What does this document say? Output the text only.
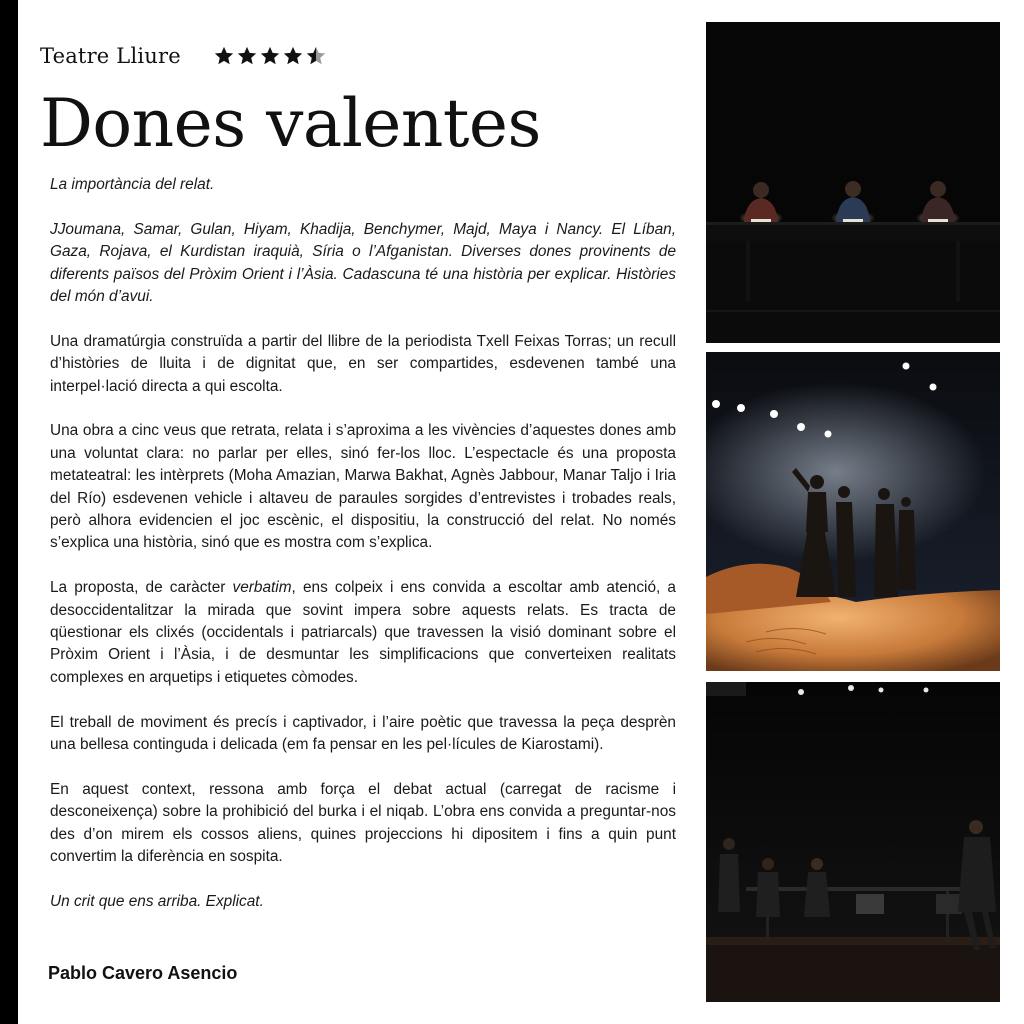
Teatre Lliure
Dones valentes

La importància del relat.

JJoumana, Samar, Gulan, Hiyam, Khadija, Benchymer, Majd, Maya i Nancy. El Líban, Gaza, Rojava, el Kurdistan iraquià, Síria o l’Afganistan. Diverses dones provinents de diferents països del Pròxim Orient i l’Àsia. Cadascuna té una història per explicar. Històries del món d’avui.

Una dramatúrgia construïda a partir del llibre de la periodista Txell Feixas Torras; un recull d’històries de lluita i de dignitat que, en ser compartides, esdevenen també una interpel·lació directa a qui escolta.

Una obra a cinc veus que retrata, relata i s’aproxima a les vivències d’aquestes dones amb una voluntat clara: no parlar per elles, sinó fer-los lloc. L’espectacle és una proposta metateatral: les intèrprets (Moha Amazian, Marwa Bakhat, Agnès Jabbour, Manar Taljo i Iria del Río) esdevenen vehicle i altaveu de paraules sorgides d’entrevistes i trobades reals, però alhora evidencien el joc escènic, el dispositiu, la construcció del relat. No només s’explica una història, sinó que es mostra com s’explica.

La proposta, de caràcter verbatim, ens colpeix i ens convida a escoltar amb atenció, a desoccidentalitzar la mirada que sovint impera sobre aquests relats. Es tracta de qüestionar els clixés (occidentals i patriarcals) que travessen la visió dominant sobre el Pròxim Orient i l’Àsia, i de desmuntar les simplificacions que converteixen realitats complexes en arquetips i etiquetes còmodes.

El treball de moviment és precís i captivador, i l’aire poètic que travessa la peça desprèn una bellesa continguda i delicada (em fa pensar en les pel·lícules de Kiarostami).

En aquest context, ressona amb força el debat actual (carregat de racisme i desconeixença) sobre la prohibició del burka i el niqab. L’obra ens convida a preguntar-nos des d’on mirem els cossos aliens, quines projeccions hi dipositem i fins a quin punt convertim la diferència en sospita.

Un crit que ens arriba. Explicat.

Pablo Cavero Asencio
